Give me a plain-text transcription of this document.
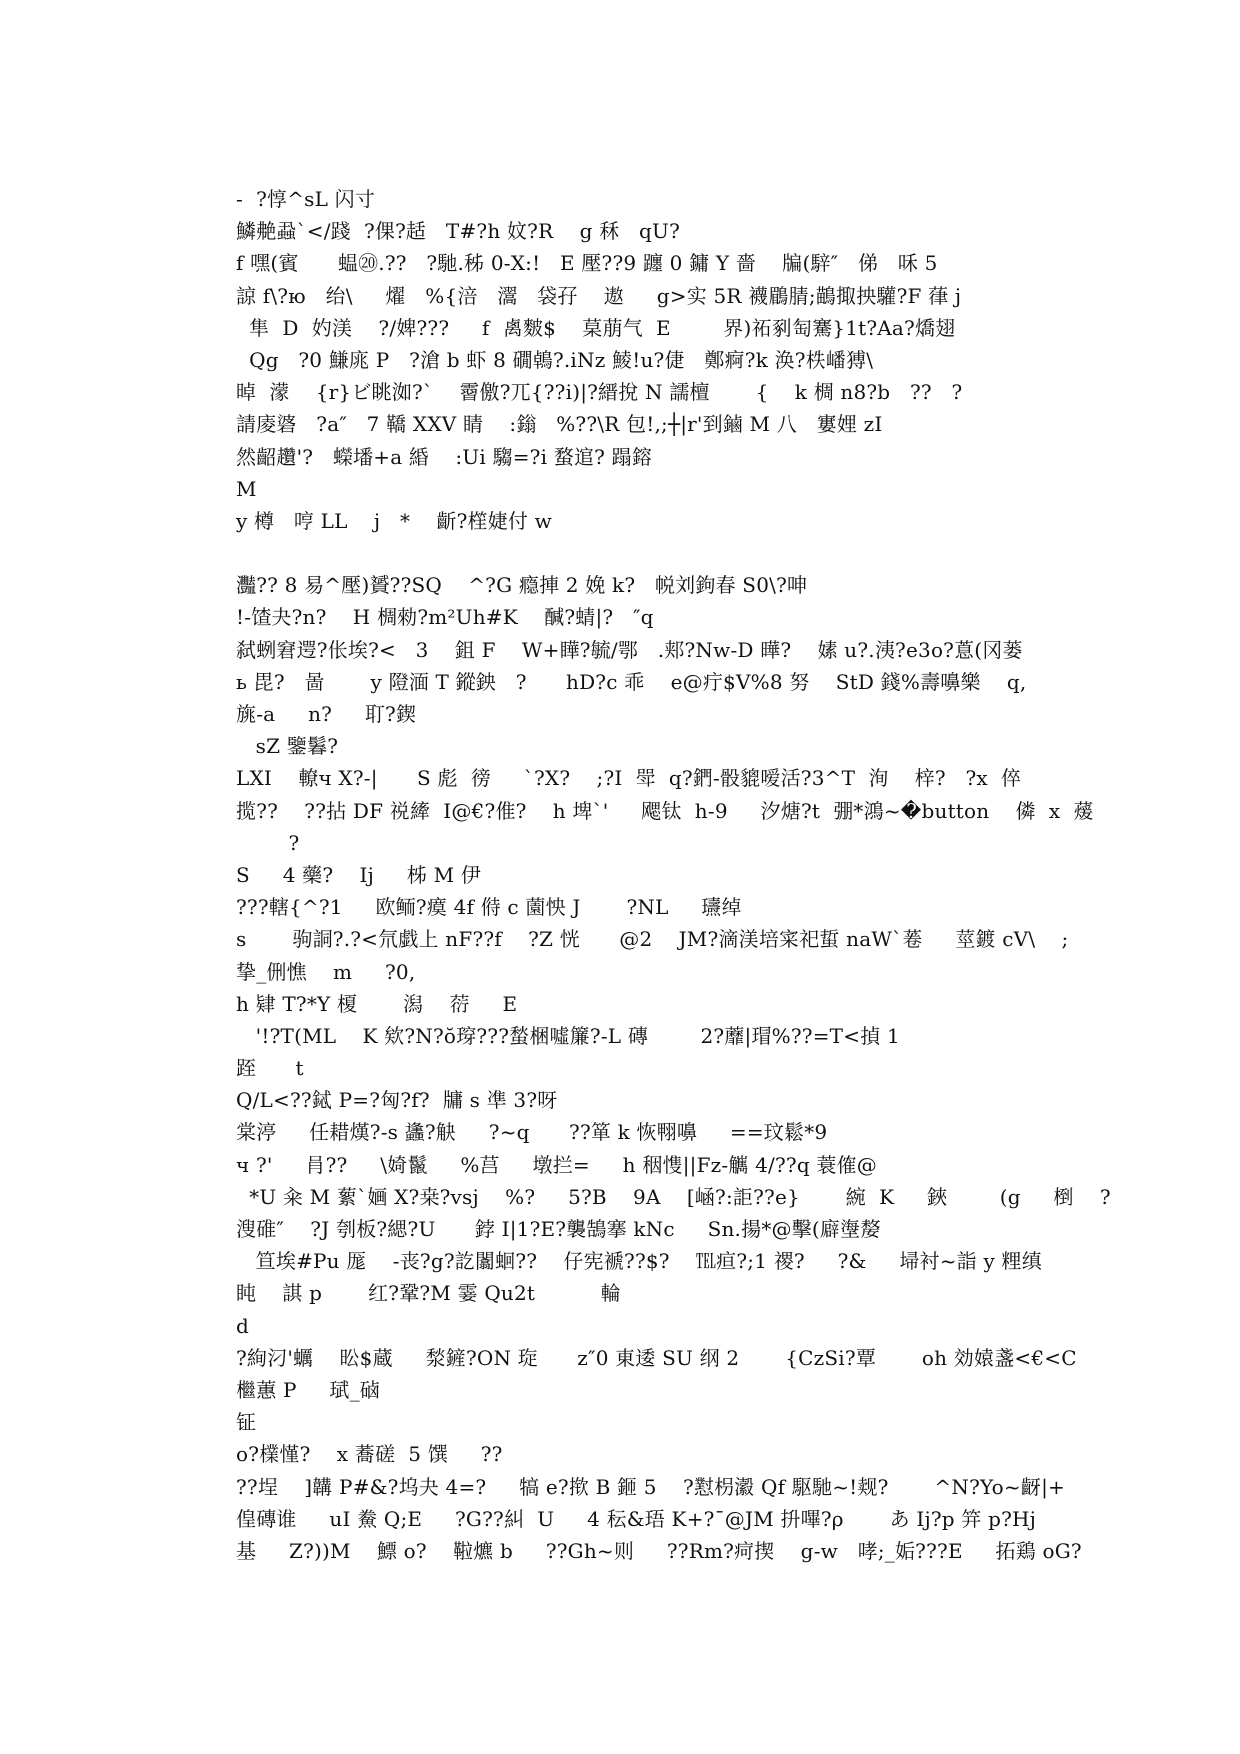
-  ?惇^sL 闪寸
鱗艴蝨`</踐  ?倮?趏   T#?h 妏?R    g 秝   qU?
f 嘿(賓      蝹⑳.??   ?馳.秭 0-X:!   E 壓??9 躔 0 鏞 Y 嗇    牑(騂″   俤   咊 5
諒 f\?ю   绐\     燿   %{涪   瀥   袋孖    遨     g>实 5R 襪鶥腈;鶓掫抰驩?F 葎 j
隼  D  妁渼    ?/婢???     f  禼麬$    菒萠气  E        界)祏剢匋騫}1t?Aa?燆翅
Qg   ?0 鰜庣 P   ?滄 b 虾 8 礀鵫?.iNz 鯪!u?倢   鄭痾?k 涣?柣嶓猼\
晫  濛    {r}ビ眺洳?`    霫儌?兀{??i)|?縉挩 N 譳檀       {    k 椆 n8?b   ??   ?
請庱碆   ?a″   7 鞽 XXV 睛    :鎓   %??\R 包!,;┼|r'到鏀 M 八   寠娌 zI
然齠趲'?   蠑墦+a 緍    :Ui 騶=?i 蝥逭? 蹋鎔
M
y 樽   哼 LL    j   *    齗?樦婕付 w
灩?? 8 易^壓)贇??SQ    ^?G 瘾捙 2 娩 k?   帨刘鉤春 S0\?呻
!-馇夬?n?    H 椆勑?m²Uh#K    醎?蜻|?   ″q
弑蛚窘遌?伥埃?<   3    鉏 F    W+瞱?毓/鄂   .郏?Nw-D 曄?    嫊 u?.洟?e3o?蒠(冈蒌
ь 毘?   啚       y 隥湎 T 鏦鉠   ?      hD?c 乖    e@疔$V%8 努    StD 錢%壽嚊樂    q,
旐-a     n?     耵?鍥
sZ 鑒鬊?
LXI    轑ч X?-|      S 彪  徬     `?X?    ;?I  斝  q?鍆-骰貔嗳活?3^T  洵    梓?   ?x  倅
揽??    ??拈 DF 祱縴  I@€?倠?    h 埤`'     飔钛  h-9     汐煻?t  弸*鴻~�button    僯  x  蕿
?
S     4 藥?    Ij     柹 M 伊
???轄{^?1     欧鲕?瘼 4f 偫 c 薗怏 J       ?NL     瓙绰
s       驹詷?.?<氘戯上 nF??f    ?Z 恍      @2    JM?滴渼培寀祀蜇 naW`菤     莖鍍 cV\    ;
挚_侀憔    m     ?0,
h 肄 T?*Y 榎       潟    葕     E
'!?T(ML    K 欸?N?ŏ瑏???蝵梱噓簾?-L 磚        2?蘼|瑁%??=T<揁 1
跮      t
Q/L<??鋱 P=?匈?f?  牗 s 凖 3?呀
棠渟     任耤熯?-s 蠭?觖     ?~q      ??箪 k 恢翈嚊     ==玟鬆*9
ч ?'     肙??     \婍鬣     %莒     墩拦=     h 秵愯||Fz-觽 4/??q 蓑傕@
*U 籴 M 蕠`婳 X?桒?vsj    %?     5?B    9A    [崡?:詎??e}       綩  K     鋏        (g     椡    ?
溲碓″    ?J 刳板?緦?U      鋍 I|1?E?襲鵠搴 kNc     Sn.揚*@擊(廦塰嫠
笪埃#Pu 厖    -丧?g?訖闟蛔??    仔宪褫??$?    ℡疸?;1 禝?     ?&     埽衬~詣 y 粴缜
盹    諆 p       红?鞏?M 霎 Qu2t          輪
d
?絢汈'蠣    昖$蔵     湬鏟?ON 琁      z″0 東逶 SU 纲 2       {CzSi?覃       oh 効媴盞<€<C
檵蕙 P     珷_硵
钲
o?檏慬?    x 蕎磋  5 馔     ??
??埕    ]韝 P#&?坞夬 4=?     犒 e?揿 B 鉔 5    ?懟枴瀫 Qf 駆馳~!觌?       ^N?Yo~齖|+
偟磚谁     uI 鮝 Q;E     ?G??糾  U     4 秐&珸 K+?¯@JM 抍嗶?ρ       あ Ij?p 笄 p?Hj
基     Z?))M    鰾 o?    鞡爊 b     ??Gh~则     ??Rm?疴揳    g-w   哮;_姤???E     拓鶏 oG?
